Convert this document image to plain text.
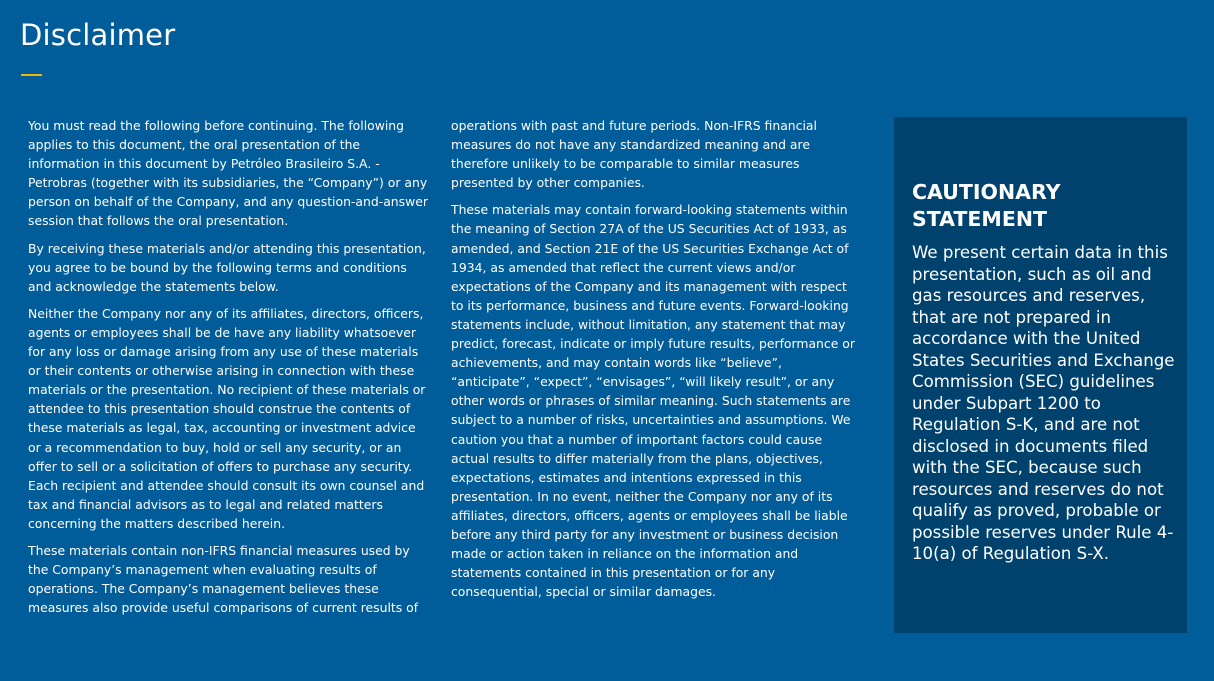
Disclaimer

You must read the following before continuing. The following applies to this document, the oral presentation of the information in this document by Petróleo Brasileiro S.A. - Petrobras (together with its subsidiaries, the “Company”) or any person on behalf of the Company, and any question-and-answer session that follows the oral presentation.

By receiving these materials and/or attending this presentation, you agree to be bound by the following terms and conditions and acknowledge the statements below.

Neither the Company nor any of its affiliates, directors, officers, agents or employees shall be de have any liability whatsoever for any loss or damage arising from any use of these materials or their contents or otherwise arising in connection with these materials or the presentation. No recipient of these materials or attendee to this presentation should construe the contents of these materials as legal, tax, accounting or investment advice or a recommendation to buy, hold or sell any security, or an offer to sell or a solicitation of offers to purchase any security. Each recipient and attendee should consult its own counsel and tax and financial advisors as to legal and related matters concerning the matters described herein.

These materials contain non-IFRS financial measures used by the Company’s management when evaluating results of operations. The Company’s management believes these measures also provide useful comparisons of current results of

operations with past and future periods. Non-IFRS financial measures do not have any standardized meaning and are therefore unlikely to be comparable to similar measures presented by other companies.

These materials may contain forward-looking statements within the meaning of Section 27A of the US Securities Act of 1933, as amended, and Section 21E of the US Securities Exchange Act of 1934, as amended that reflect the current views and/or expectations of the Company and its management with respect to its performance, business and future events. Forward-looking statements include, without limitation, any statement that may predict, forecast, indicate or imply future results, performance or achievements, and may contain words like “believe”, “anticipate”, “expect”, “envisages”, “will likely result”, or any other words or phrases of similar meaning. Such statements are subject to a number of risks, uncertainties and assumptions. We caution you that a number of important factors could cause actual results to differ materially from the plans, objectives, expectations, estimates and intentions expressed in this presentation. In no event, neither the Company nor any of its affiliates, directors, officers, agents or employees shall be liable before any third party for any investment or business decision made or action taken in reliance on the information and statements contained in this presentation or for any consequential, special or similar damages.

CAUTIONARY STATEMENT

We present certain data in this presentation, such as oil and gas resources and reserves, that are not prepared in accordance with the United States Securities and Exchange Commission (SEC) guidelines under Subpart 1200 to Regulation S-K, and are not disclosed in documents filed with the SEC, because such resources and reserves do not qualify as proved, probable or possible reserves under Rule 4-10(a) of Regulation S-X.
